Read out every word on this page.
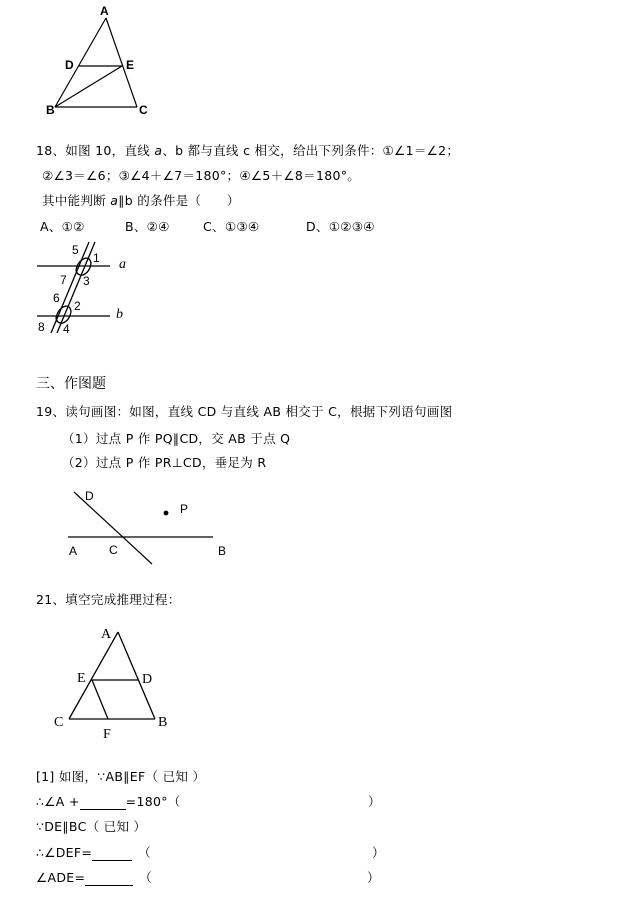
A
D	E
B	C
18、如图 10，直线 a、b 都与直线 c 相交，给出下列条件：①∠1＝∠2；
②∠3＝∠6；③∠4＋∠7＝180°；④∠5＋∠8＝180°。
其中能判断 a∥b 的条件是（　　）
A、①②	B、②④	C、①③④	D、①②③④
5
1
7 3
6
2
8 4
a
b
三、作图题
19、读句画图：如图，直线 CD 与直线 AB 相交于 C，根据下列语句画图
（1）过点 P 作 PQ∥CD，交 AB 于点 Q
（2）过点 P 作 PR⊥CD，垂足为 R
D
P
A	C	B
21、填空完成推理过程：
A
E	D
C	B
F
[1] 如图，∵AB∥EF（ 已知 ）
∴∠A +	=180°（	）
∵DE∥BC（ 已知 ）
∴∠DEF=	（	）
∠ADE=	（	）
